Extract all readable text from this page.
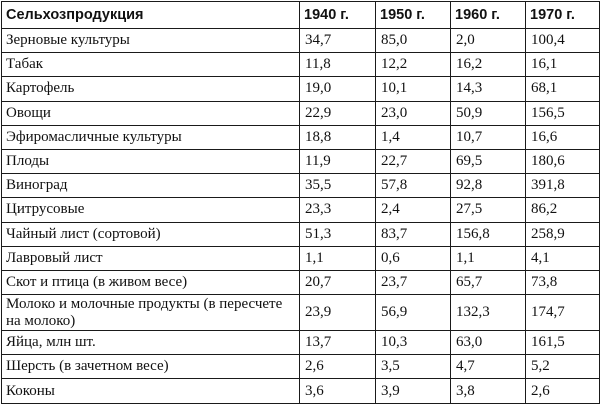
Сельхозпродукция	1940 г.	1950 г.	1960 г.	1970 г.
Зерновые культуры	34,7	85,0	2,0	100,4
Табак	11,8	12,2	16,2	16,1
Картофель	19,0	10,1	14,3	68,1
Овощи	22,9	23,0	50,9	156,5
Эфиромасличные культуры	18,8	1,4	10,7	16,6
Плоды	11,9	22,7	69,5	180,6
Виноград	35,5	57,8	92,8	391,8
Цитрусовые	23,3	2,4	27,5	86,2
Чайный лист (сортовой)	51,3	83,7	156,8	258,9
Лавровый лист	1,1	0,6	1,1	4,1
Скот и птица (в живом весе)	20,7	23,7	65,7	73,8
Молоко и молочные продукты (в пересчете на молоко)	23,9	56,9	132,3	174,7
Яйца, млн шт.	13,7	10,3	63,0	161,5
Шерсть (в зачетном весе)	2,6	3,5	4,7	5,2
Коконы	3,6	3,9	3,8	2,6
